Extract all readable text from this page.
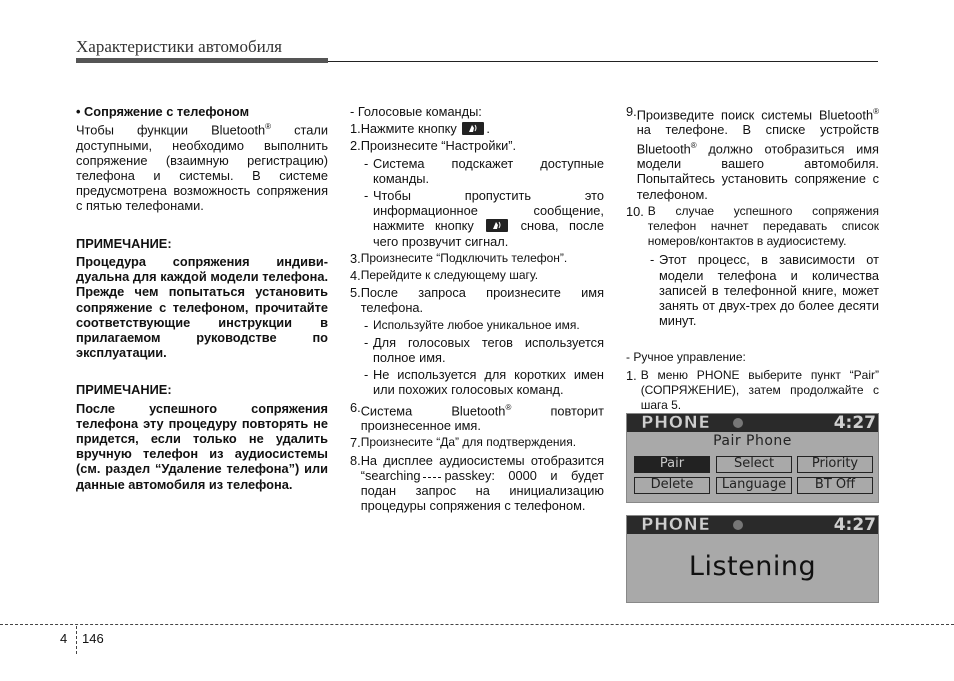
Характеристики автомобиля
• Сопряжение с телефоном
Чтобы функции Bluetooth® стали доступными, необходимо выполнить сопряжение (взаимную регистрацию) телефона и системы. В системе предусмотрена возможность сопряжения с пятью телефонами.
ПРИМЕЧАНИЕ:
Процедура сопряжения индиви-дуальна для каждой модели телефона. Прежде чем попытаться установить сопряжение с телефоном, прочитайте соответствующие инструкции в прилагаемом руководстве по эксплуатации.
ПРИМЕЧАНИЕ:
После успешного сопряжения телефона эту процедуру повторять не придется, если только не удалить вручную телефон из аудиосистемы (см. раздел “Удаление телефона”) или данные автомобиля из телефона.
- Голосовые команды:
1. Нажмите кнопку .
2. Произнесите “Настройки”.
- Система подскажет доступные команды.
- Чтобы пропустить это информационное сообщение, нажмите кнопку	снова, после чего прозвучит сигнал.
3. Произнесите “Подключить телефон”.
4. Перейдите к следующему шагу.
5. После запроса произнесите имя телефона.
- Используйте любое уникальное имя.
- Для голосовых тегов используется полное имя.
- Не используется для коротких имен или похожих голосовых команд.
6. Система Bluetooth® повторит произнесенное имя.
7. Произнесите “Да” для подтверждения.
8. На дисплее аудиосистемы отобразится “searching passkey: 0000 и будет подан запрос на инициализацию процедуры сопряжения с телефоном.
9. Произведите поиск системы Bluetooth® на телефоне. В списке устройств Bluetooth® должно отобразиться имя модели вашего автомобиля. Попытайтесь установить сопряжение с телефоном.
10. В случае успешного сопряжения телефон начнет передавать список номеров/контактов в аудиосистему.
- Этот процесс, в зависимости от модели телефона и количества записей в телефонной книге, может занять от двух-трех до более десяти минут.
- Ручное управление:
1. В меню PHONE выберите пункт “Pair” (СОПРЯЖЕНИЕ), затем продолжайте с шага 5.
PHONE	4:27
Pair Phone
Pair	Select	Priority
Delete	Language	BT Off
PHONE	4:27
Listening
4 146
